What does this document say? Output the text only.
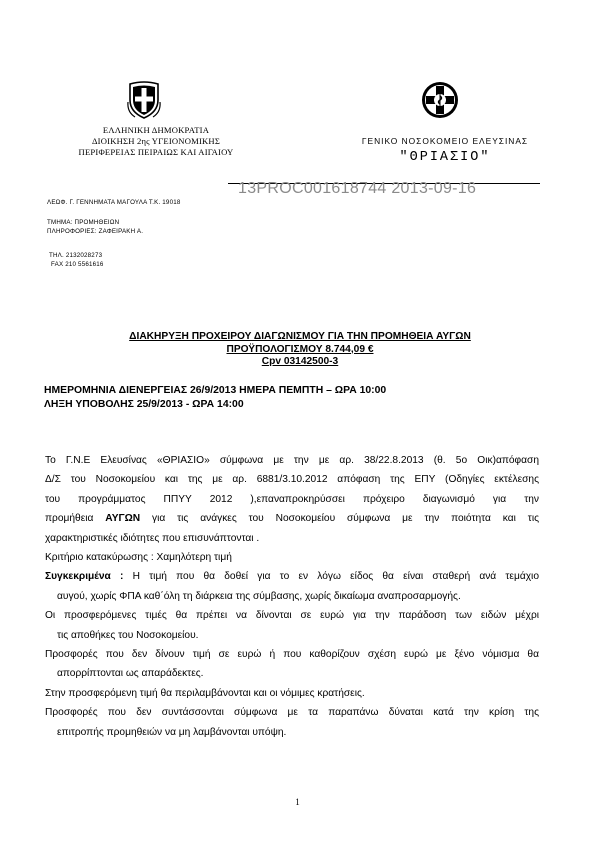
ΕΛΛΗΝΙΚΗ ΔΗΜΟΚΡΑΤΙΑ
ΔΙΟΙΚΗΣΗ 2ης ΥΓΕΙΟΝΟΜΙΚΗΣ
ΠΕΡΙΦΕΡΕΙΑΣ ΠΕΙΡΑΙΩΣ ΚΑΙ ΑΙΓΑΙΟΥ
ΓΕΝΙΚΟ ΝΟΣΟΚΟΜΕΙΟ ΕΛΕΥΣΙΝΑΣ
"ΘΡΙΑΣΙΟ"
13PROC001618744 2013-09-16
ΛΕΩΦ. Γ. ΓΕΝΝΗΜΑΤΑ ΜΑΓΟΥΛΑ Τ.Κ. 19018
ΤΜΗΜΑ: ΠΡΟΜΗΘΕΙΩΝ
ΠΛΗΡΟΦΟΡΙΕΣ: ΖΑΦΕΙΡΑΚΗ Α.
ΤΗΛ. 2132028273
FAX 210 5561616
ΔΙΑΚΗΡΥΞΗ ΠΡΟΧΕΙΡΟΥ ΔΙΑΓΩΝΙΣΜΟΥ ΓΙΑ ΤΗΝ ΠΡΟΜΗΘΕΙΑ ΑΥΓΩΝ
ΠΡΟΫΠΟΛΟΓΙΣΜΟΥ 8.744,09 €
Cpv 03142500-3
ΗΜΕΡΟΜΗΝΙΑ ΔΙΕΝΕΡΓΕΙΑΣ 26/9/2013 ΗΜΕΡΑ ΠΕΜΠΤΗ – ΩΡΑ 10:00
ΛΗΞΗ ΥΠΟΒΟΛΗΣ 25/9/2013 - ΩΡΑ 14:00

Το Γ.Ν.Ε Ελευσίνας «ΘΡΙΑΣΙΟ» σύμφωνα με την με αρ. 38/22.8.2013 (θ. 5ο Οικ)απόφαση

Δ/Σ του Νοσοκομείου και της με αρ. 6881/3.10.2012 απόφαση της ΕΠΥ (Οδηγίες εκτέλεσης

του προγράμματος ΠΠΥΥ 2012 ),επαναπροκηρύσσει πρόχειρο διαγωνισμό για την

προμήθεια ΑΥΓΩΝ για τις ανάγκες του Νοσοκομείου σύμφωνα με την ποιότητα και τις

χαρακτηριστικές ιδιότητες που επισυνάπτονται .

Κριτήριο κατακύρωσης : Χαμηλότερη τιμή

Συγκεκριμένα : Η τιμή που θα δοθεί για το εν λόγω είδος θα είναι σταθερή ανά τεμάχιο

αυγού, χωρίς ΦΠΑ καθ΄όλη τη διάρκεια της σύμβασης, χωρίς δικαίωμα αναπροσαρμογής.

Οι προσφερόμενες τιμές θα πρέπει να δίνονται σε ευρώ για την παράδοση των ειδών μέχρι

τις αποθήκες του Νοσοκομείου.

Προσφορές που δεν δίνουν τιμή σε ευρώ ή που καθορίζουν σχέση ευρώ με ξένο νόμισμα θα

απορρίπτονται ως απαράδεκτες.

Στην προσφερόμενη τιμή θα περιλαμβάνονται και οι νόμιμες κρατήσεις.

Προσφορές που δεν συντάσσονται σύμφωνα με τα παραπάνω δύναται κατά την κρίση της

επιτροπής προμηθειών να μη λαμβάνονται υπόψη.

1
